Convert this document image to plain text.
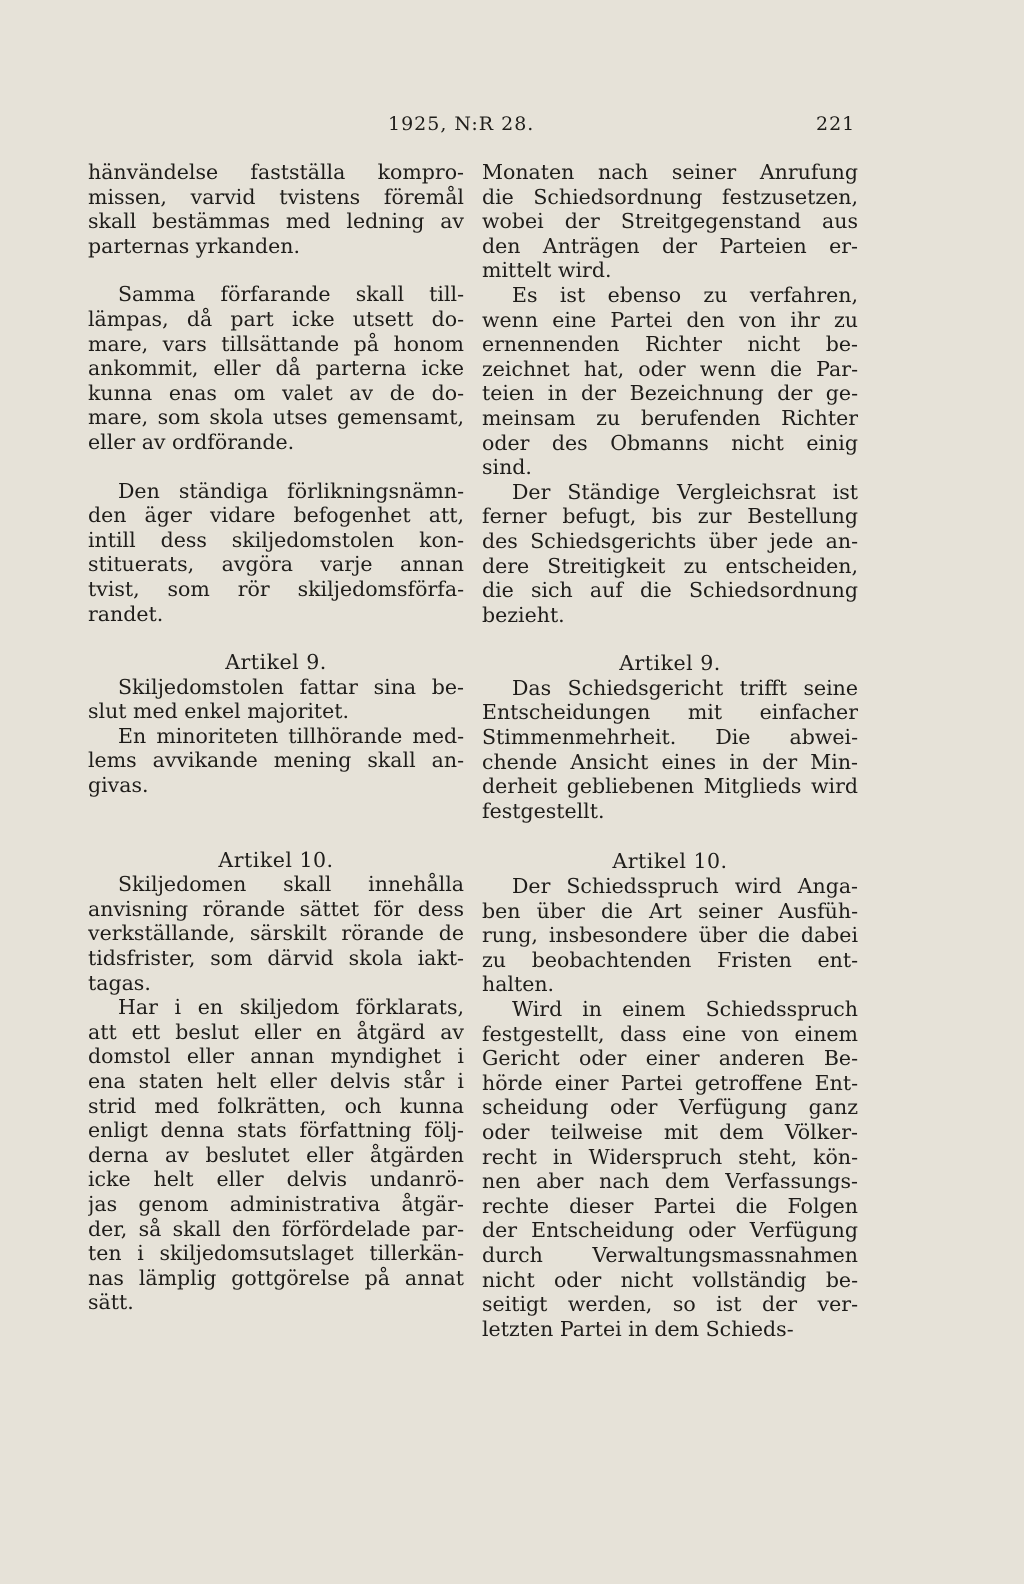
1925, N:R 28.	221
hänvändelse fastställa kompro-
missen, varvid tvistens föremål
skall bestämmas med ledning av
parternas yrkanden.
Samma förfarande skall till-
lämpas, då part icke utsett do-
mare, vars tillsättande på honom
ankommit, eller då parterna icke
kunna enas om valet av de do-
mare, som skola utses gemensamt,
eller av ordförande.
Den ständiga förlikningsnämn-
den äger vidare befogenhet att,
intill dess skiljedomstolen kon-
stituerats, avgöra varje annan
tvist, som rör skiljedomsförfa-
randet.
Artikel 9.
Skiljedomstolen fattar sina be-
slut med enkel majoritet.
En minoriteten tillhörande med-
lems avvikande mening skall an-
givas.
Artikel 10.
Skiljedomen skall innehålla
anvisning rörande sättet för dess
verkställande, särskilt rörande de
tidsfrister, som därvid skola iakt-
tagas.
Har i en skiljedom förklarats,
att ett beslut eller en åtgärd av
domstol eller annan myndighet i
ena staten helt eller delvis står i
strid med folkrätten, och kunna
enligt denna stats författning följ-
derna av beslutet eller åtgärden
icke helt eller delvis undanrö-
jas genom administrativa åtgär-
der, så skall den förfördelade par-
ten i skiljedomsutslaget tillerkän-
nas lämplig gottgörelse på annat
sätt.
Monaten nach seiner Anrufung
die Schiedsordnung festzusetzen,
wobei der Streitgegenstand aus
den Anträgen der Parteien er-
mittelt wird.
Es ist ebenso zu verfahren,
wenn eine Partei den von ihr zu
ernennenden Richter nicht be-
zeichnet hat, oder wenn die Par-
teien in der Bezeichnung der ge-
meinsam zu berufenden Richter
oder des Obmanns nicht einig
sind.
Der Ständige Vergleichsrat ist
ferner befugt, bis zur Bestellung
des Schiedsgerichts über jede an-
dere Streitigkeit zu entscheiden,
die sich auf die Schiedsordnung
bezieht.
Artikel 9.
Das Schiedsgericht trifft seine
Entscheidungen mit einfacher
Stimmenmehrheit. Die abwei-
chende Ansicht eines in der Min-
derheit gebliebenen Mitglieds wird
festgestellt.
Artikel 10.
Der Schiedsspruch wird Anga-
ben über die Art seiner Ausfüh-
rung, insbesondere über die dabei
zu beobachtenden Fristen ent-
halten.
Wird in einem Schiedsspruch
festgestellt, dass eine von einem
Gericht oder einer anderen Be-
hörde einer Partei getroffene Ent-
scheidung oder Verfügung ganz
oder teilweise mit dem Völker-
recht in Widerspruch steht, kön-
nen aber nach dem Verfassungs-
rechte dieser Partei die Folgen
der Entscheidung oder Verfügung
durch Verwaltungsmassnahmen
nicht oder nicht vollständig be-
seitigt werden, so ist der ver-
letzten Partei in dem Schieds-
